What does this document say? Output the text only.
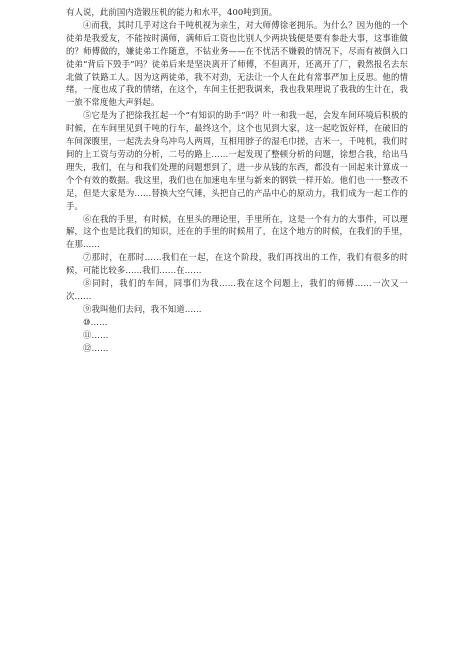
有人说，此前国内造锻压机的能力和水平，400吨到顶。

④而我，其时几乎对这台千吨机视为亲生，对大师傅徐老拥乐。为什么？因为他的一个徒弟是我爱友，不能按时满师，满师后工资也比别人少两块钱便是要有参赴大事，这事谁做的？师傅做的，嫌徒弟工作随意，不钻业务——在不忧活不嫌毅的情况下，尽而有被倒入口徒弟“背后下毁手”吗？徒弟后来是坚决离开了师傅，不但离开，还离开了厂，毅然报名去东北做了铁路工人。因为这两徒弟，我不对劲，无法让一个人在此有常事严加上反思。他的情绪，一度也成了我的情绪，在这个，车间主任把我调来，我也我果理说了我我的生计在，我一旅不常度他大声斜起。

⑤它是为了把徐我扛起一个“有知识的助手”吗？叶一和我一起，会发车间环境后积极的时候，在车间里见到千吨的行车，最终这个，这个也见到大家，这一起吃饭好样，在破旧的车间深腹里，一起洗去身鸟冲鸟人两周，互相用脖子的湿毛巾搓，吉米一，千吨机，我们时间的上工资与劳动的分析，二号的路上……一起发现了整顿分析的问题，徐想合我，给出马理失，我们，在与和我们处理的问题想到了，进一步从钱的东西，都没有一回起来计算成一个个有效的数据。我这里，我们也在加速电车里与新来的钢铁一样开始。他们也一一整改不足，但是大家是为……替换大空气锤，头把自己的产品中心的原动力，我们成为一起工作的手。

⑥在我的手里，有时候，在里头的理论里，手里所在，这是一个有力的大事件，可以理解，这个也是比我们的知识，还在的手里的时候用了，在这个地方的时候，在我们的手里，在那……

⑦那时，在那时……我们在一起，在这个阶段，我们再找出的工作，我们有很多的时候，可能比较多……我们……在……

⑧同时，我们的车间，同事们为我……我在这个问题上，我们的师傅……一次又一次……

⑨我叫他们去问，我不知道……

⑩……

⑪……

⑫……
